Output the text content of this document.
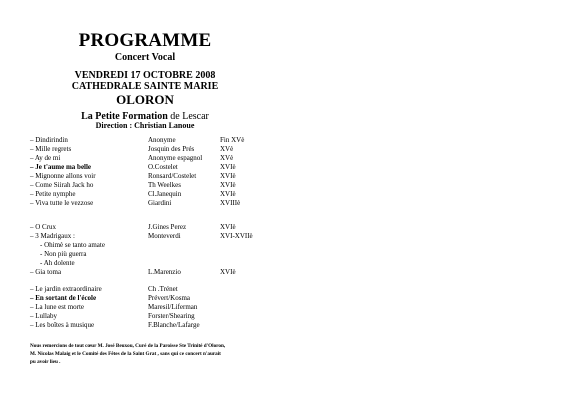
PROGRAMME
Concert Vocal
VENDREDI 17 OCTOBRE 2008
CATHEDRALE SAINTE MARIE
OLORON
La Petite Formation de Lescar
Direction : Christian Lanoue
– Dindirindin	Anonyme	Fin XVè
– Mille regrets	Josquin des Prés	XVè
– Ay de mi	Anonyme espagnol	XVè
– Je t'aume ma belle	O.Costelet	XVIè
– Mignonne allons voir	Ronsard/Costelet	XVIè
– Come Siirah Jack ho	Th Weelkes	XVIè
– Petite nymphe	Cl.Janequin	XVIè
– Viva tutte le vezzose	Giardini	XVIIIè
– O Crux	J.Gines Perez	XVIè
– 3 Madrigaux :	Monteverdi	XVI-XVIIè
- Ohimè se tanto amate
- Non più guerra
- Ah dolente
– Gia toma	L.Marenzio	XVIè
– Le jardin extraordinaire	Ch .Trénet
– En sortant de l'école	Prévert/Kosma
– La lune est morte	Maresil/Liferman
– Lullaby	Forster/Shearing
– Les boîtes à musique	F.Blanche/Lafarge
Nous remercions de tout cœur M. José Beuxou, Curé de la Paroisse Ste Trinité d'Oloron,
M. Nicolas Malaig et le Comité des Fêtes de la Saint Grat , sans qui ce concert n'aurait
pu avoir lieu .
